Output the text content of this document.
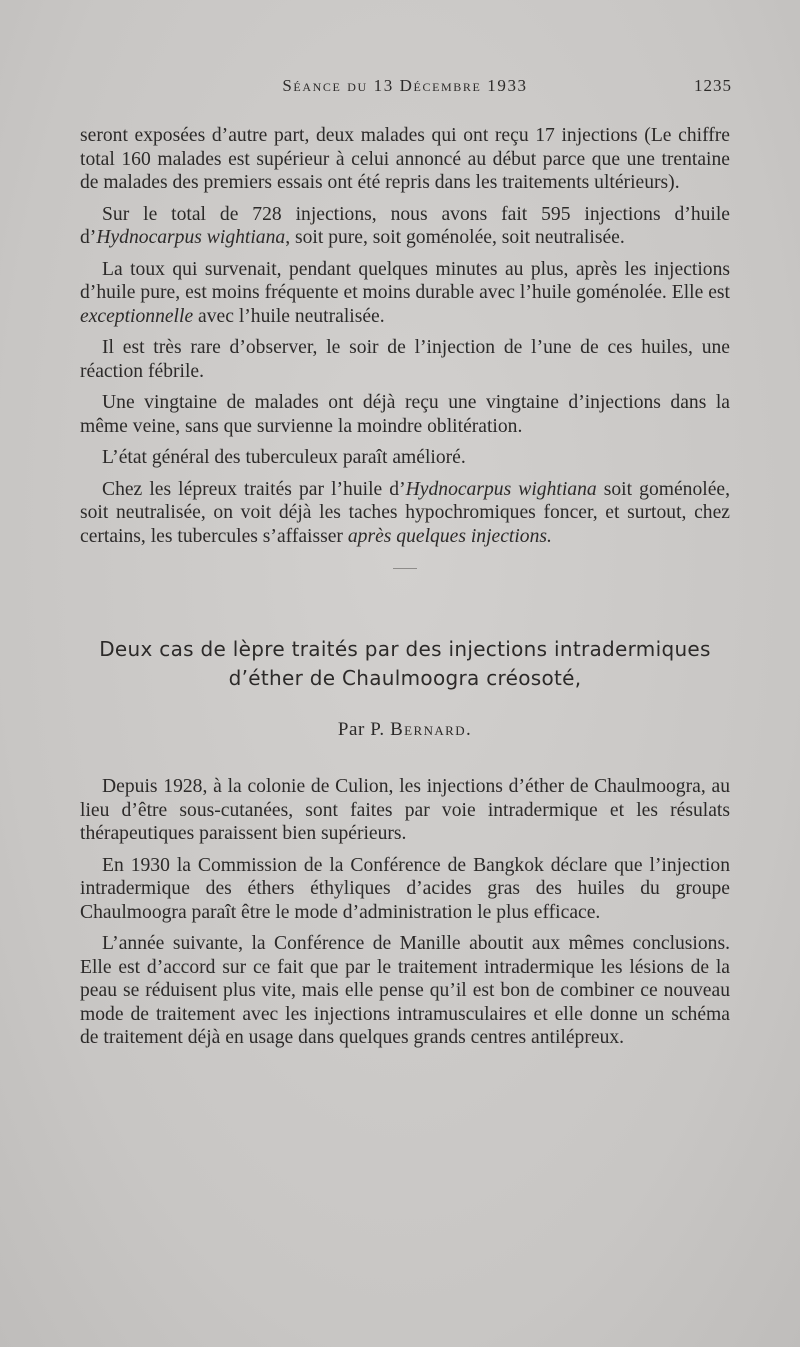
Séance du 13 Décembre 1933	1235

seront exposées d’autre part, deux malades qui ont reçu 17 injections (Le chiffre total 160 malades est supérieur à celui annoncé au début parce que une trentaine de malades des premiers essais ont été repris dans les traitements ultérieurs).

Sur le total de 728 injections, nous avons fait 595 injections d’huile d’Hydnocarpus wightiana, soit pure, soit goménolée, soit neutralisée.

La toux qui survenait, pendant quelques minutes au plus, après les injections d’huile pure, est moins fréquente et moins durable avec l’huile goménolée. Elle est exceptionnelle avec l’huile neutralisée.

Il est très rare d’observer, le soir de l’injection de l’une de ces huiles, une réaction fébrile.

Une vingtaine de malades ont déjà reçu une vingtaine d’injections dans la même veine, sans que survienne la moindre oblitération.

L’état général des tuberculeux paraît amélioré.

Chez les lépreux traités par l’huile d’Hydnocarpus wightiana soit goménolée, soit neutralisée, on voit déjà les taches hypochromiques foncer, et surtout, chez certains, les tubercules s’affaisser après quelques injections.

Deux cas de lèpre traités par des injections intradermiques
d’éther de Chaulmoogra créosoté,
Par P. Bernard.

Depuis 1928, à la colonie de Culion, les injections d’éther de Chaulmoogra, au lieu d’être sous-cutanées, sont faites par voie intradermique et les résulats thérapeutiques paraissent bien supérieurs.

En 1930 la Commission de la Conférence de Bangkok déclare que l’injection intradermique des éthers éthyliques d’acides gras des huiles du groupe Chaulmoogra paraît être le mode d’administration le plus efficace.

L’année suivante, la Conférence de Manille aboutit aux mêmes conclusions. Elle est d’accord sur ce fait que par le traitement intradermique les lésions de la peau se réduisent plus vite, mais elle pense qu’il est bon de combiner ce nouveau mode de traitement avec les injections intramusculaires et elle donne un schéma de traitement déjà en usage dans quelques grands centres antilépreux.
